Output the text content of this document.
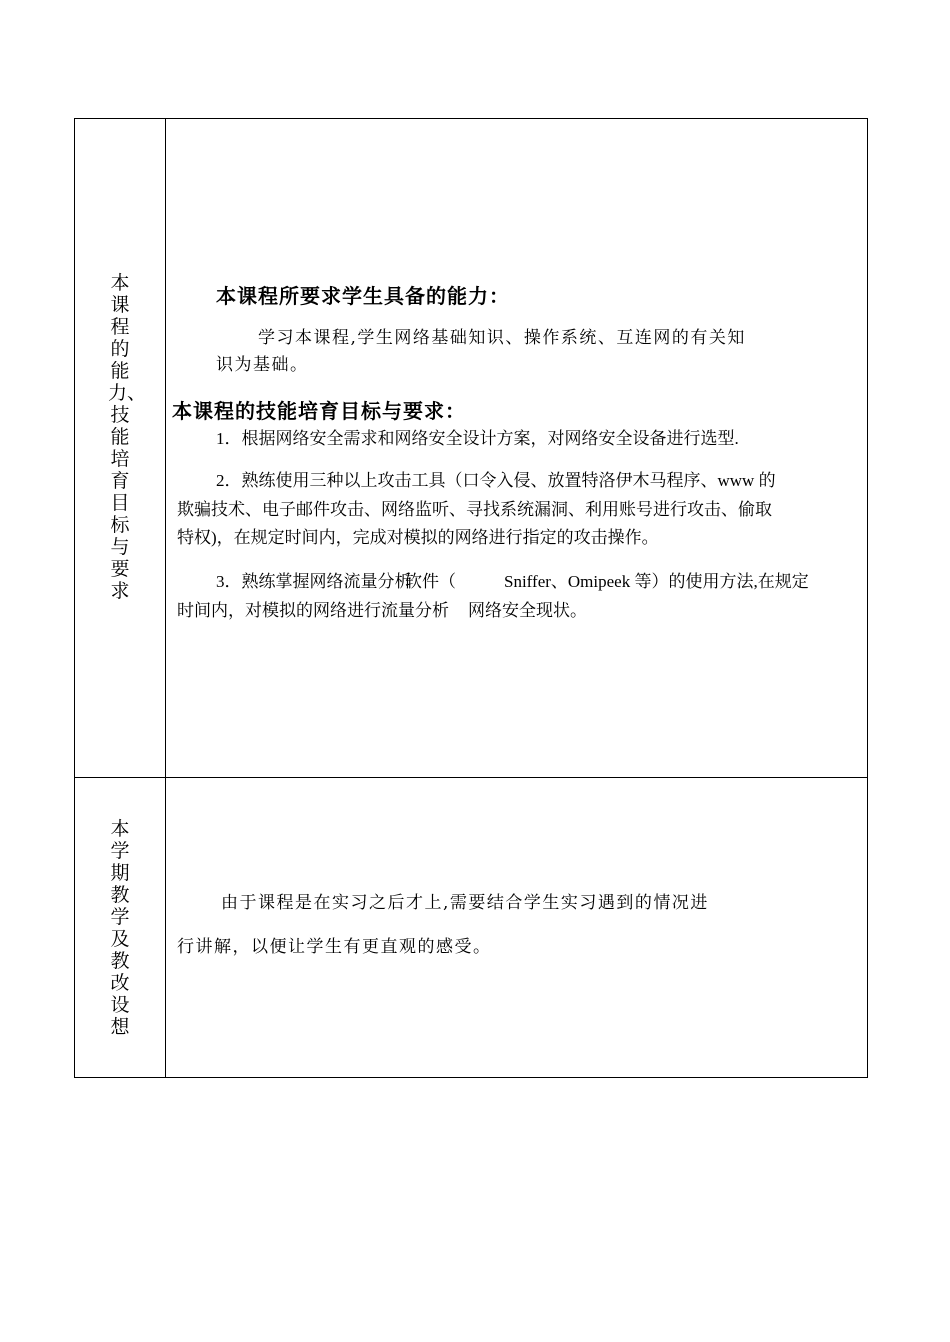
本课程的能力、技能培育目标与要求
本学期教学及教改设想
本课程所要求学生具备的能力：
学习本课程,学生网络基础知识、操作系统、互连网的有关知
识为基础。
本课程的技能培育目标与要求：
1．根据网络安全需求和网络安全设计方案，对网络安全设备进行选型.
2．熟练使用三种以上攻击工具（口令入侵、放置特洛伊木马程序、www 的
欺骗技术、电子邮件攻击、网络监听、寻找系统漏洞、利用账号进行攻击、偷取
特权)，在规定时间内，完成对模拟的网络进行指定的攻击操作。
3．熟练掌握网络流量分析
软件（	Sniffer、Omipeek 等）的使用方法,在规定
时间内，对模拟的网络进行流量分析 网络 安全现状。
由于课程是在实习之后才上,需要结合学生实习遇到的情况进
行讲解，以便让学生有更直观的感受。
